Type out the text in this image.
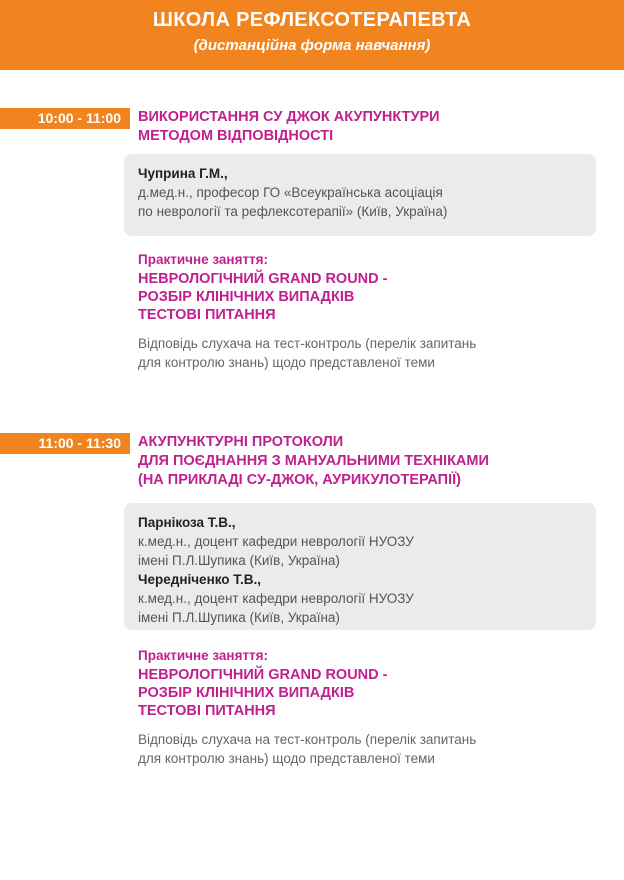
ШКОЛА РЕФЛЕКСОТЕРАПЕВТА
(дистанційна форма навчання)
10:00 - 11:00	ВИКОРИСТАННЯ СУ ДЖОК АКУПУНКТУРИ
МЕТОДОМ ВІДПОВІДНОСТІ
Чуприна Г.М.,
д.мед.н., професор ГО «Всеукраїнська асоціація
по неврології та рефлексотерапії» (Київ, Україна)
Практичне заняття:
НЕВРОЛОГІЧНИЙ GRAND ROUND -
РОЗБІР КЛІНІЧНИХ ВИПАДКІВ
ТЕСТОВІ ПИТАННЯ
Відповідь слухача на тест-контроль (перелік запитань
для контролю знань) щодо представленої теми
11:00 - 11:30	АКУПУНКТУРНІ ПРОТОКОЛИ
ДЛЯ ПОЄДНАННЯ З МАНУАЛЬНИМИ ТЕХНІКАМИ
(НА ПРИКЛАДІ СУ-ДЖОК, АУРИКУЛОТЕРАПІЇ)
Парнікоза Т.В.,
к.мед.н., доцент кафедри неврології НУОЗУ
імені П.Л.Шупика (Київ, Україна)
Чередніченко Т.В.,
к.мед.н., доцент кафедри неврології НУОЗУ
імені П.Л.Шупика (Київ, Україна)
Практичне заняття:
НЕВРОЛОГІЧНИЙ GRAND ROUND -
РОЗБІР КЛІНІЧНИХ ВИПАДКІВ
ТЕСТОВІ ПИТАННЯ
Відповідь слухача на тест-контроль (перелік запитань
для контролю знань) щодо представленої теми
